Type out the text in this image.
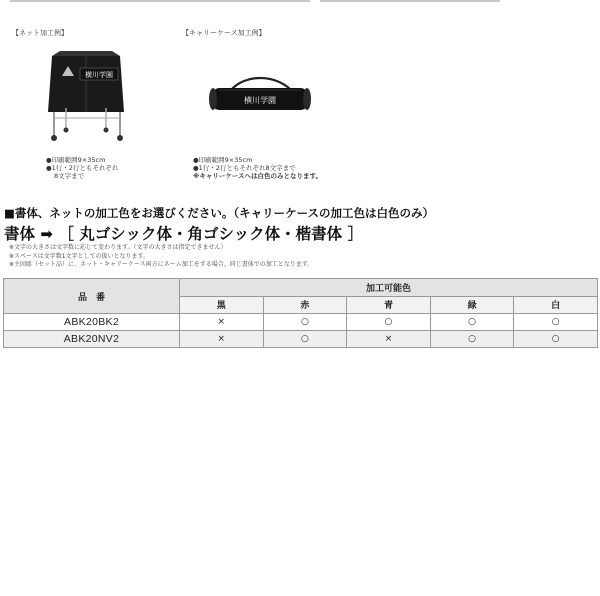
【ネット加工例】
横川学園
●印刷範囲9×35cm
●1行・2行ともそれぞれ
8文字まで
【キャリーケース加工例】
横川学園
●印刷範囲9×35cm
●1行・2行ともそれぞれ8文字まで
※キャリーケースへは白色のみとなります。
■書体、ネットの加工色をお選びください。（キャリーケースの加工色は白色のみ）
書体 ➡ ［ 丸ゴシック体・角ゴシック体・楷書体 ］
※文字の大きさは文字数に応じて変わります。（文字の大きさは指定できません）
※スペースは文字数1文字としての扱いとなります。
※主固彫（セット品）に、ネット・キャリーケース両方にネーム加工をする場合、同じ書体での加工となります。
品　番	加工可能色				
	黒	赤	青	緑	白
ABK20BK2	×	○	○	○	○
ABK20NV2	×	○	×	○	○
